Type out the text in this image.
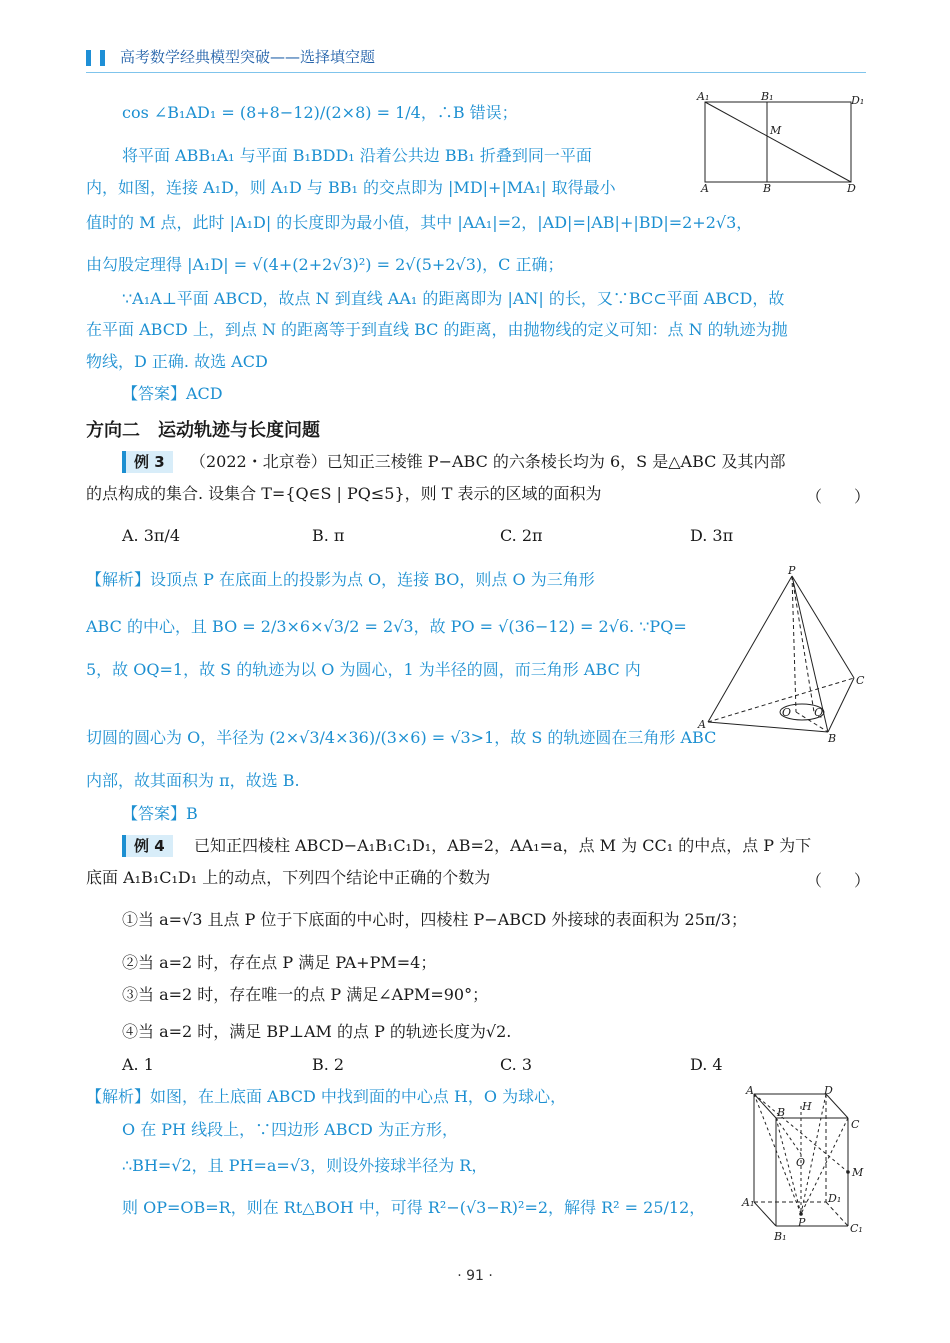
高考数学经典模型突破——选择填空题
cos ∠B₁AD₁ = (8+8−12)/(2×8) = 1/4，∴B 错误；
将平面 ABB₁A₁ 与平面 B₁BDD₁ 沿着公共边 BB₁ 折叠到同一平面
内，如图，连接 A₁D，则 A₁D 与 BB₁ 的交点即为 |MD|+|MA₁| 取得最小
值时的 M 点，此时 |A₁D| 的长度即为最小值，其中 |AA₁|=2，|AD|=|AB|+|BD|=2+2√3，
由勾股定理得 |A₁D| = √(4+(2+2√3)²) = 2√(5+2√3)，C 正确；
∵A₁A⊥平面 ABCD，故点 N 到直线 AA₁ 的距离即为 |AN| 的长，又∵BC⊂平面 ABCD，故
在平面 ABCD 上，到点 N 的距离等于到直线 BC 的距离，由抛物线的定义可知：点 N 的轨迹为抛
物线，D 正确. 故选 ACD
【答案】ACD
A₁	B₁	D₁
M
A	B	D
方向二　运动轨迹与长度问题
例 3	（2022・北京卷）已知正三棱锥 P−ABC 的六条棱长均为 6，S 是△ABC 及其内部
的点构成的集合. 设集合 T={Q∈S | PQ≤5}，则 T 表示的区域的面积为	（　　）
A. 3π/4	B. π	C. 2π	D. 3π
【解析】设顶点 P 在底面上的投影为点 O，连接 BO，则点 O 为三角形
ABC 的中心，且 BO = 2/3×6×√3/2 = 2√3，故 PO = √(36−12) = 2√6. ∵PQ=
5，故 OQ=1，故 S 的轨迹为以 O 为圆心，1 为半径的圆，而三角形 ABC 内
切圆的圆心为 O，半径为 (2×√3/4×36)/(3×6) = √3>1，故 S 的轨迹圆在三角形 ABC
内部，故其面积为 π，故选 B.
【答案】B
P
A
B
C
O Q
例 4	已知正四棱柱 ABCD−A₁B₁C₁D₁，AB=2，AA₁=a，点 M 为 CC₁ 的中点，点 P 为下
底面 A₁B₁C₁D₁ 上的动点，下列四个结论中正确的个数为	（　　）
①当 a=√3 且点 P 位于下底面的中心时，四棱柱 P−ABCD 外接球的表面积为 25π/3；
②当 a=2 时，存在点 P 满足 PA+PM=4；
③当 a=2 时，存在唯一的点 P 满足∠APM=90°；
④当 a=2 时，满足 BP⊥AM 的点 P 的轨迹长度为√2.
A. 1	B. 2	C. 3	D. 4
【解析】如图，在上底面 ABCD 中找到面的中心点 H，O 为球心，
O 在 PH 线段上，∵四边形 ABCD 为正方形，
∴BH=√2，且 PH=a=√3，则设外接球半径为 R，
则 OP=OB=R，则在 Rt△BOH 中，可得 R²−(√3−R)²=2，解得 R² = 25/12，
A	D
H
B
C
O
M
A₁	D₁
P
B₁
C₁
· 91 ·
